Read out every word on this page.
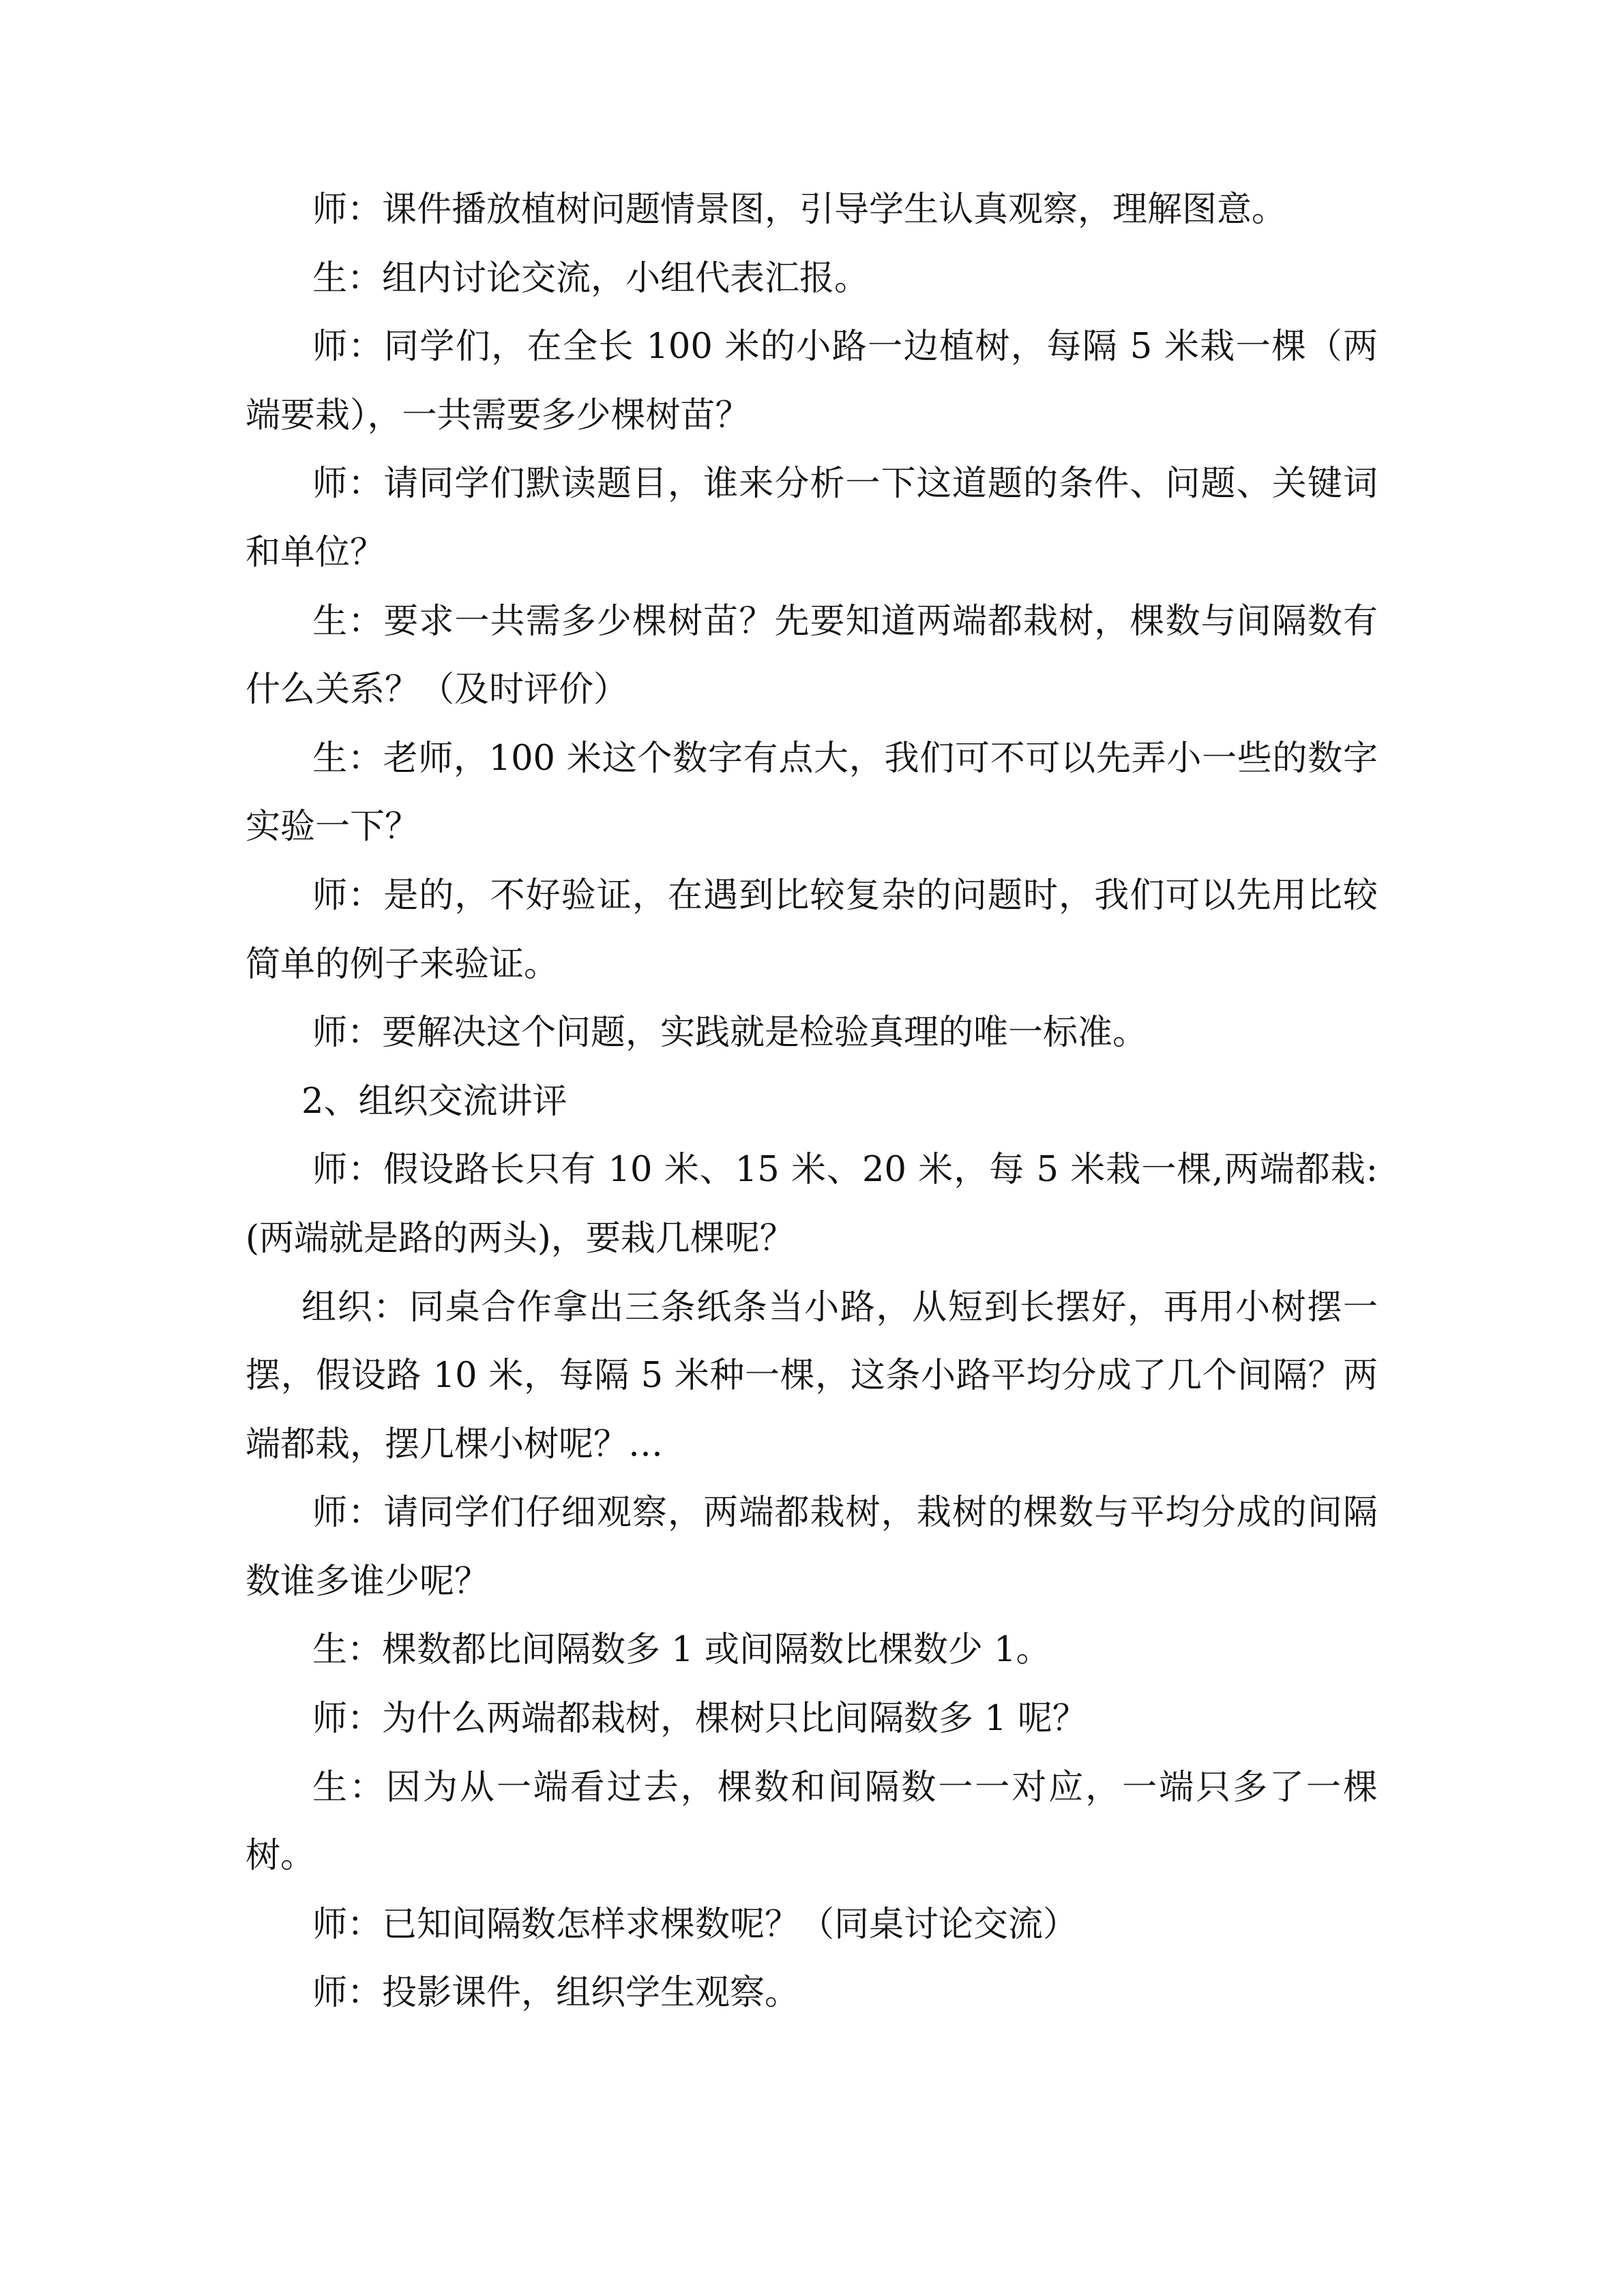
师：课件播放植树问题情景图，引导学生认真观察，理解图意。

生：组内讨论交流，小组代表汇报。

师：同学们，在全长 100 米的小路一边植树，每隔 5 米栽一棵（两端要栽），一共需要多少棵树苗？

师：请同学们默读题目，谁来分析一下这道题的条件、问题、关键词和单位？

生：要求一共需多少棵树苗？先要知道两端都栽树，棵数与间隔数有什么关系？（及时评价）

生：老师，100 米这个数字有点大，我们可不可以先弄小一些的数字实验一下？

师：是的，不好验证，在遇到比较复杂的问题时，我们可以先用比较简单的例子来验证。

师：要解决这个问题，实践就是检验真理的唯一标准。

2、组织交流讲评

师：假设路长只有 10 米、15 米、20 米，每 5 米栽一棵,两端都栽:(两端就是路的两头)，要栽几棵呢？

组织：同桌合作拿出三条纸条当小路，从短到长摆好，再用小树摆一摆，假设路 10 米，每隔 5 米种一棵，这条小路平均分成了几个间隔？两端都栽，摆几棵小树呢？…

师：请同学们仔细观察，两端都栽树，栽树的棵数与平均分成的间隔数谁多谁少呢？

生：棵数都比间隔数多 1 或间隔数比棵数少 1。

师：为什么两端都栽树，棵树只比间隔数多 1 呢？

生：因为从一端看过去，棵数和间隔数一一对应，一端只多了一棵树。

师：已知间隔数怎样求棵数呢？（同桌讨论交流）

师：投影课件，组织学生观察。
